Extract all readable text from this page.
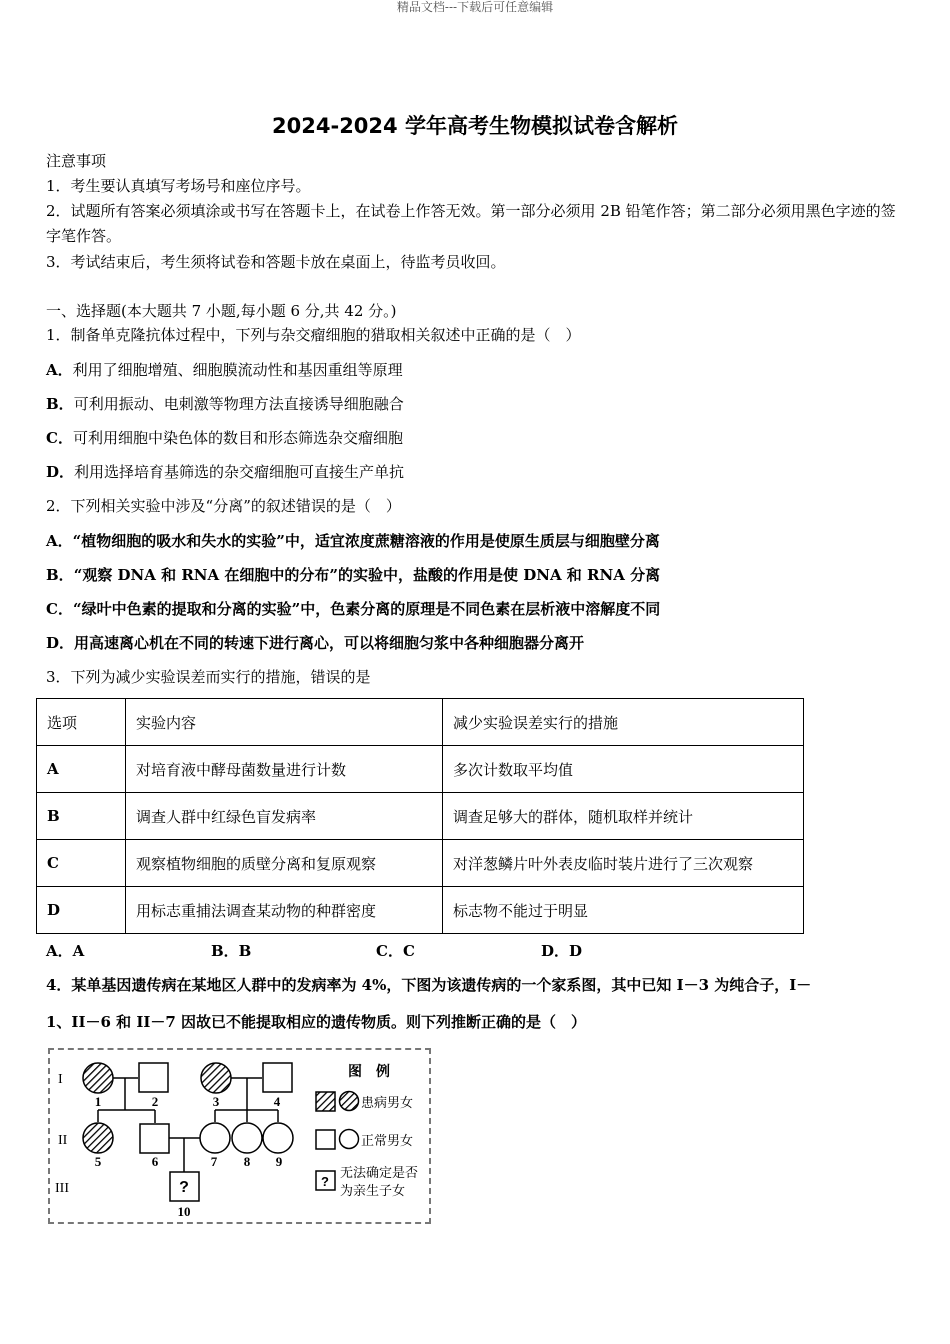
精品文档---下载后可任意编辑
2024-2024 学年高考生物模拟试卷含解析
注意事项
1．考生要认真填写考场号和座位序号。
2．试题所有答案必须填涂或书写在答题卡上，在试卷上作答无效。第一部分必须用 2B 铅笔作答；第二部分必须用黑色字迹的签字笔作答。
3．考试结束后，考生须将试卷和答题卡放在桌面上，待监考员收回。
一、选择题(本大题共 7 小题,每小题 6 分,共 42 分。)
1．制备单克隆抗体过程中，下列与杂交瘤细胞的猎取相关叙述中正确的是（　）
A．利用了细胞增殖、细胞膜流动性和基因重组等原理
B．可利用振动、电刺激等物理方法直接诱导细胞融合
C．可利用细胞中染色体的数目和形态筛选杂交瘤细胞
D．利用选择培育基筛选的杂交瘤细胞可直接生产单抗
2．下列相关实验中涉及“分离”的叙述错误的是（　）
A．“植物细胞的吸水和失水的实验”中，适宜浓度蔗糖溶液的作用是使原生质层与细胞壁分离
B．“观察 DNA 和 RNA 在细胞中的分布”的实验中，盐酸的作用是使 DNA 和 RNA 分离
C．“绿叶中色素的提取和分离的实验”中，色素分离的原理是不同色素在层析液中溶解度不同
D．用高速离心机在不同的转速下进行离心，可以将细胞匀浆中各种细胞器分离开
3．下列为减少实验误差而实行的措施，错误的是
选项	实验内容	减少实验误差实行的措施
A	对培育液中酵母菌数量进行计数	多次计数取平均值
B	调查人群中红绿色盲发病率	调查足够大的群体，随机取样并统计
C	观察植物细胞的质壁分离和复原观察	对洋葱鳞片叶外表皮临时装片进行了三次观察
D	用标志重捕法调查某动物的种群密度	标志物不能过于明显
A．A	B．B	C．C	D．D
4．某单基因遗传病在某地区人群中的发病率为 4%，下图为该遗传病的一个家系图，其中已知 I－3 为纯合子，I－
1、II－6 和 II－7 因故已不能提取相应的遗传物质。则下列推断正确的是（　）
I
II
III	?
1	2	3	4
5	6	7 8 9
10
图　例
患病男女
正常男女
?
无法确定是否
为亲生子女
